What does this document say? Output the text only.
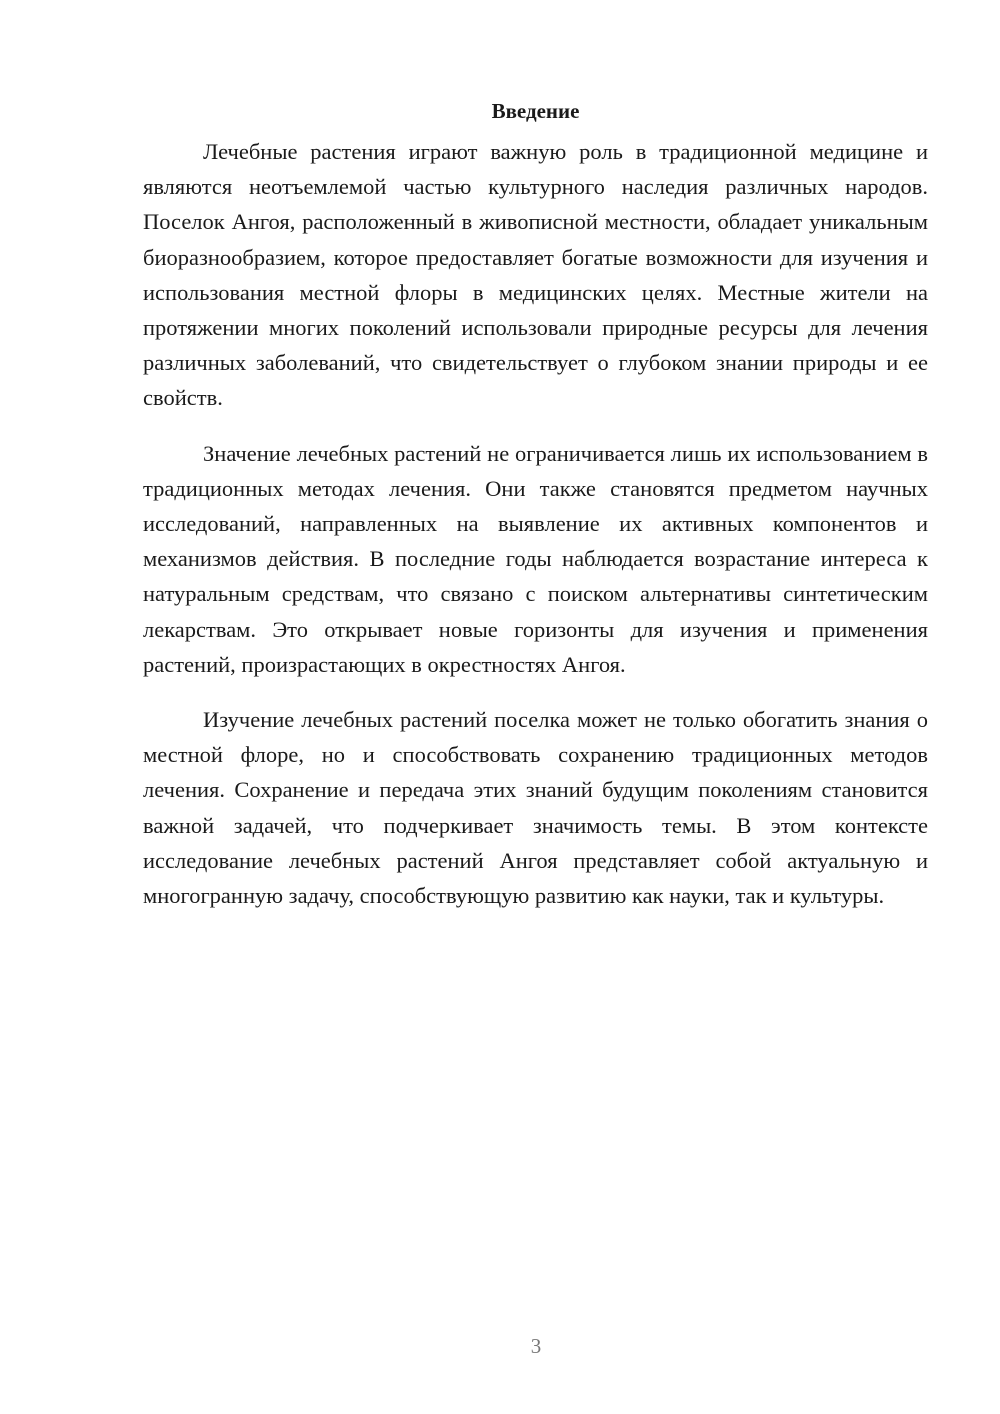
Введение

Лечебные растения играют важную роль в традиционной медицине и являются неотъемлемой частью культурного наследия различных народов. Поселок Ангоя, расположенный в живописной местности, обладает уникальным биоразнообразием, которое предоставляет богатые возможности для изучения и использования местной флоры в медицинских целях. Местные жители на протяжении многих поколений использовали природные ресурсы для лечения различных заболеваний, что свидетельствует о глубоком знании природы и ее свойств.

Значение лечебных растений не ограничивается лишь их использованием в традиционных методах лечения. Они также становятся предметом научных исследований, направленных на выявление их активных компонентов и механизмов действия. В последние годы наблюдается возрастание интереса к натуральным средствам, что связано с поиском альтернативы синтетическим лекарствам. Это открывает новые горизонты для изучения и применения растений, произрастающих в окрестностях Ангоя.

Изучение лечебных растений поселка может не только обогатить знания о местной флоре, но и способствовать сохранению традиционных методов лечения. Сохранение и передача этих знаний будущим поколениям становится важной задачей, что подчеркивает значимость темы. В этом контексте исследование лечебных растений Ангоя представляет собой актуальную и многогранную задачу, способствующую развитию как науки, так и культуры.

3
